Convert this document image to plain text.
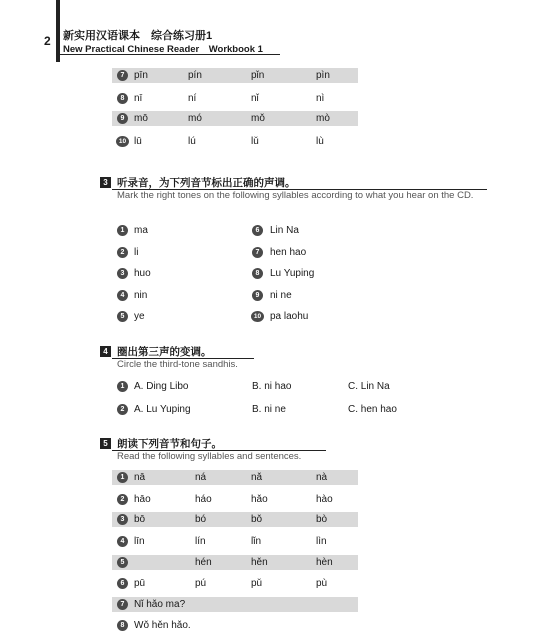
2 新实用汉语课本　综合练习册1
New Practical Chinese Reader　Workbook 1
7 pīn	pín	pǐn	pìn
8 nī	ní	nǐ	nì
9 mō	mó	mǒ	mò
10 lū	lú	lǔ	lù
3 听录音，为下列音节标出正确的声调。
Mark the right tones on the following syllables according to what you hear on the CD.
1 ma
2 li
3 huo
4 nin
5 ye
6	Lin Na
7	hen hao
8	Lu Yuping
9	ni ne
10 pa laohu
4 圈出第三声的变调。
Circle the third-tone sandhis.
1 A. Ding Libo	B. ni hao	C. Lin Na
2 A. Lu Yuping	B. ni ne	C. hen hao
5 朗读下列音节和句子。
Read the following syllables and sentences.
1 nā	ná	nǎ	nà
2 hāo	háo	hǎo	hào
3 bō	bó	bǒ	bò
4 līn	lín	lǐn	lìn
5	hén	hěn	hèn
6 pū	pú	pǔ	pù
7 Nǐ hǎo ma?
8 Wǒ hěn hǎo.
